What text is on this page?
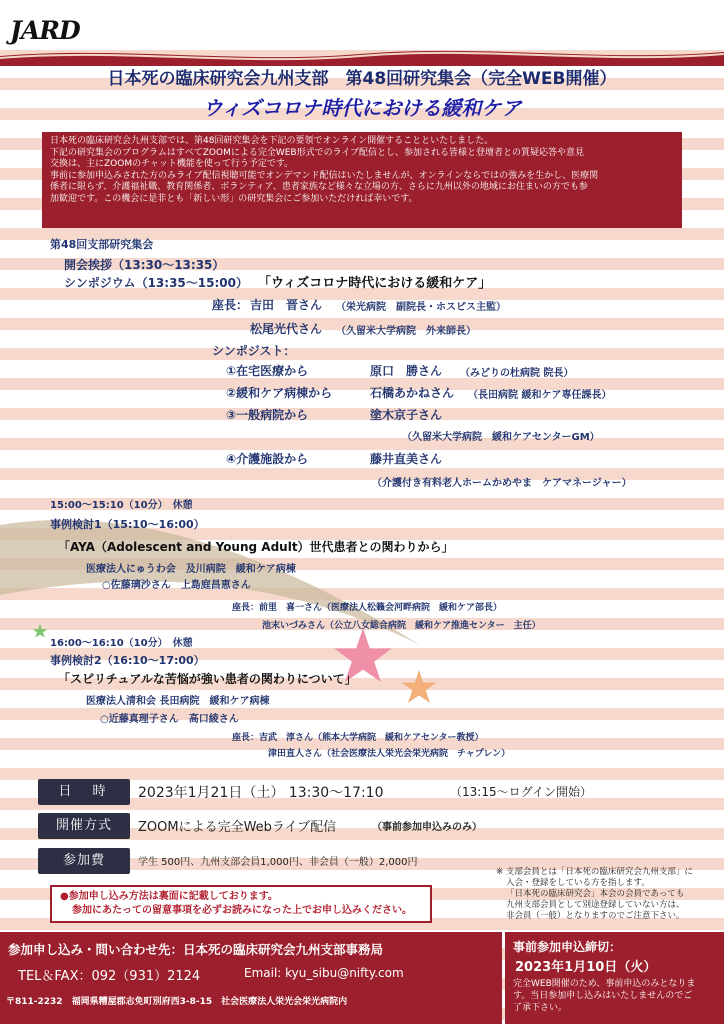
JARD
日本死の臨床研究会九州支部　第48回研究集会（完全WEB開催）
ウィズコロナ時代における緩和ケア

日本死の臨床研究会九州支部では、第48回研究集会を下記の要領でオンライン開催することといたしました。

下記の研究集会のプログラムはすべてZOOMによる完全WEB形式でのライブ配信とし、参加される皆様と登壇者との質疑応答や意見

交換は、主にZOOMのチャット機能を使って行う予定です。

事前に参加申込みされた方のみライブ配信視聴可能でオンデマンド配信はいたしませんが、オンラインならではの強みを生かし、医療関

係者に限らず、介護福祉職、教育関係者、ボランティア、患者家族など様々な立場の方、さらに九州以外の地域にお住まいの方でも参

加歓迎です。この機会に是非とも「新しい形」の研究集会にご参加いただければ幸いです。

第48回支部研究集会
開会挨拶（13:30～13:35）
シンポジウム（13:35～15:00） 「ウィズコロナ時代における緩和ケア」
座長： 吉田　晋さん （栄光病院　副院長・ホスピス主監）
松尾光代さん （久留米大学病院　外来師長）
シンポジスト：
①在宅医療から	原口　勝さん （みどりの杜病院 院長）
②緩和ケア病棟から	石橋あかねさん （長田病院 緩和ケア専任課長）
③一般病院から	塗木京子さん
（久留米大学病院　緩和ケアセンターGM）
④介護施設から	藤井直美さん
（介護付き有料老人ホームかめやま　ケアマネージャー）
15:00～15:10（10分）　休憩
事例検討1（15:10～16:00）
「AYA（Adolescent and Young Adult）世代患者との関わりから」
医療法人にゅうわ会　及川病院　緩和ケア病棟
○佐藤璃沙さん　上島庭昌恵さん
座長：前里　喜一さん（医療法人松籟会河畔病院　緩和ケア部長）
池末いづみさん（公立八女総合病院　緩和ケア推進センター　主任）
16:00～16:10（10分）　休憩
事例検討2（16:10～17:00）
「スピリチュアルな苦悩が強い患者の関わりについて」
医療法人清和会 長田病院　緩和ケア病棟
○近藤真理子さん　高口綾さん
座長：吉武　淳さん（熊本大学病院　緩和ケアセンター教授）
津田直人さん（社会医療法人栄光会栄光病院　チャプレン）
日　時	2023年1月21日（土） 13:30～17:10	（13:15～ログイン開始）
開催方式	ZOOMによる完全Webライブ配信	（事前参加申込みのみ）
参加費	学生 500円、九州支部会員1,000円、非会員（一般）2,000円
※ 支部会員とは「日本死の臨床研究会九州支部」に
入会・登録をしている方を指します。
「日本死の臨床研究会」本会の会員であっても
九州支部会員として別途登録していない方は、
非会員（一般）となりますのでご注意下さい。
●参加申し込み方法は裏面に記載しております。
参加にあたっての留意事項を必ずお読みになった上でお申し込みください。
参加申し込み・問い合わせ先：日本死の臨床研究会九州支部事務局
TEL＆FAX：092（931）2124	Email: kyu_sibu@nifty.com
〒811-2232　福岡県糟屋郡志免町別府西3-8-15　社会医療法人栄光会栄光病院内
事前参加申込締切：
2023年1月10日（火）
完全WEB開催のため、事前申込のみとなりま
す。当日参加申し込みはいたしませんのでご
了承下さい。
